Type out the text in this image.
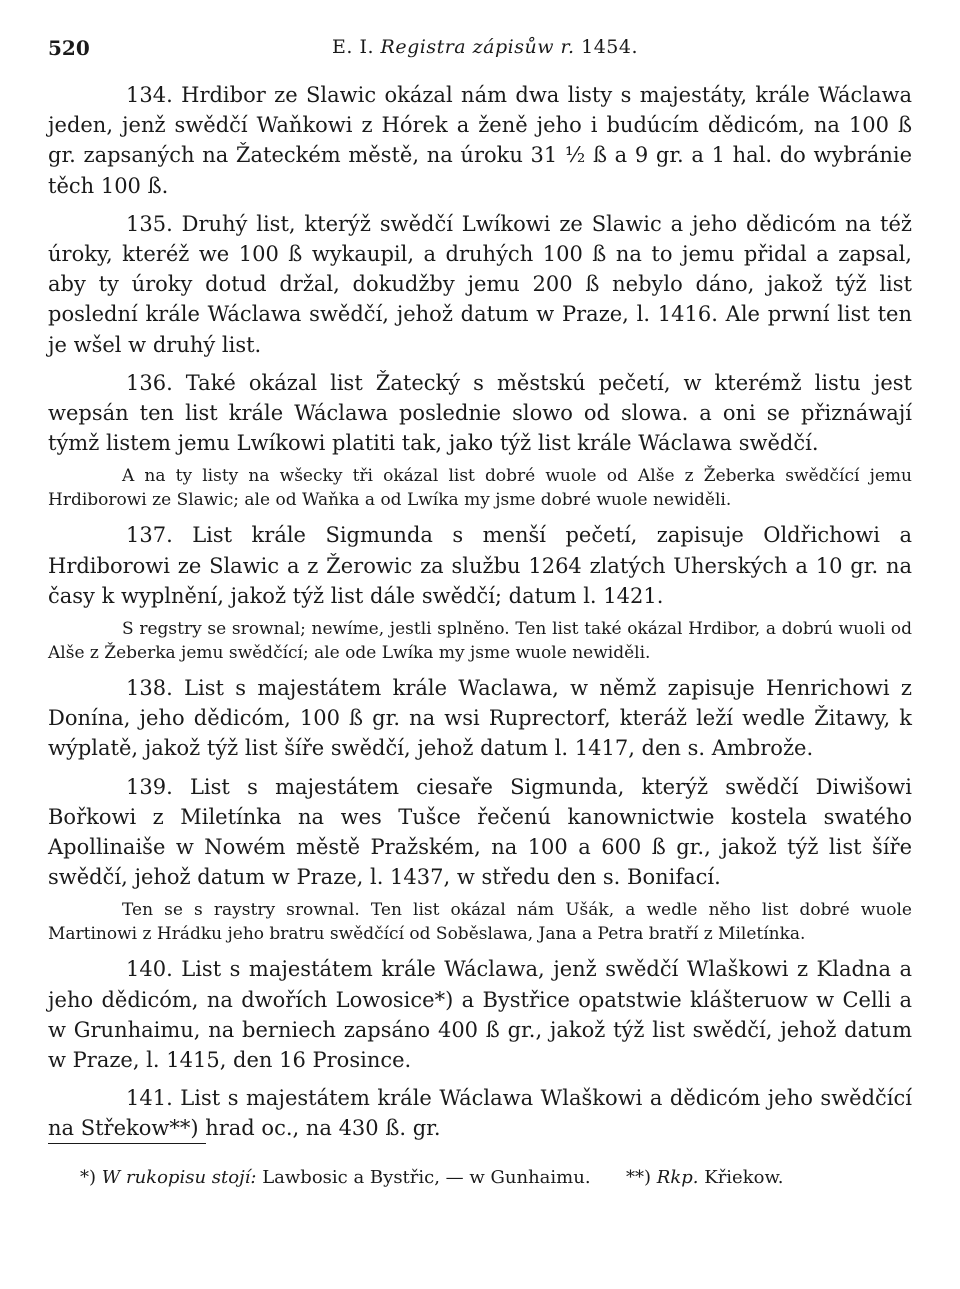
520	E. I. Registra zápisůw r. 1454.

134. Hrdibor ze Slawic okázal nám dwa listy s majestáty, krále Wáclawa jeden, jenž swědčí Waňkowi z Hórek a ženě jeho i budúcím dědicóm, na 100 ß gr. zapsaných na Žateckém městě, na úroku 31 ½ ß a 9 gr. a 1 hal. do wybránie těch 100 ß.

135. Druhý list, kterýž swědčí Lwíkowi ze Slawic a jeho dědicóm na též úroky, kteréž we 100 ß wykaupil, a druhých 100 ß na to jemu přidal a zapsal, aby ty úroky dotud držal, dokudžby jemu 200 ß nebylo dáno, jakož týž list poslední krále Wáclawa swědčí, jehož datum w Praze, l. 1416. Ale prwní list ten je wšel w druhý list.

136. Také okázal list Žatecký s městskú pečetí, w kterémž listu jest wepsán ten list krále Wáclawa poslednie slowo od slowa. a oni se přiznáwají týmž listem jemu Lwíkowi platiti tak, jako týž list krále Wáclawa swědčí.

A na ty listy na wšecky tři okázal list dobré wuole od Alše z Žeberka swědčící jemu Hrdiborowi ze Slawic; ale od Waňka a od Lwíka my jsme dobré wuole newiděli.

137. List krále Sigmunda s menší pečetí, zapisuje Oldřichowi a Hrdiborowi ze Slawic a z Žerowic za službu 1264 zlatých Uherských a 10 gr. na časy k wyplnění, jakož týž list dále swědčí; datum l. 1421.

S regstry se srownal; newíme, jestli splněno. Ten list také okázal Hrdibor, a dobrú wuoli od Alše z Žeberka jemu swědčící; ale ode Lwíka my jsme wuole newiděli.

138. List s majestátem krále Waclawa, w němž zapisuje Henrichowi z Donína, jeho dědicóm, 100 ß gr. na wsi Ruprectorf, kteráž leží wedle Žitawy, k wýplatě, jakož týž list šíře swědčí, jehož datum l. 1417, den s. Ambrože.

139. List s majestátem ciesaře Sigmunda, kterýž swědčí Diwišowi Bořkowi z Miletínka na wes Tušce řečenú kanownictwie kostela swatého Apollinaiše w Nowém městě Pražském, na 100 a 600 ß gr., jakož týž list šíře swědčí, jehož datum w Praze, l. 1437, w středu den s. Bonifací.

Ten se s raystry srownal. Ten list okázal nám Ušák, a wedle něho list dobré wuole Martinowi z Hrádku jeho bratru swědčící od Soběslawa, Jana a Petra bratří z Miletínka.

140. List s majestátem krále Wáclawa, jenž swědčí Wlaškowi z Kladna a jeho dědicóm, na dwořích Lowosice*) a Bystřice opatstwie klášteruow w Celli a w Grunhaimu, na berniech zapsáno 400 ß gr., jakož týž list swědčí, jehož datum w Praze, l. 1415, den 16 Prosince.

141. List s majestátem krále Wáclawa Wlaškowi a dědicóm jeho swědčící na Střekow**) hrad oc., na 430 ß. gr.

*) W rukopisu stojí: Lawbosic a Bystřic, — w Gunhaimu. **) Rkp. Křiekow.
